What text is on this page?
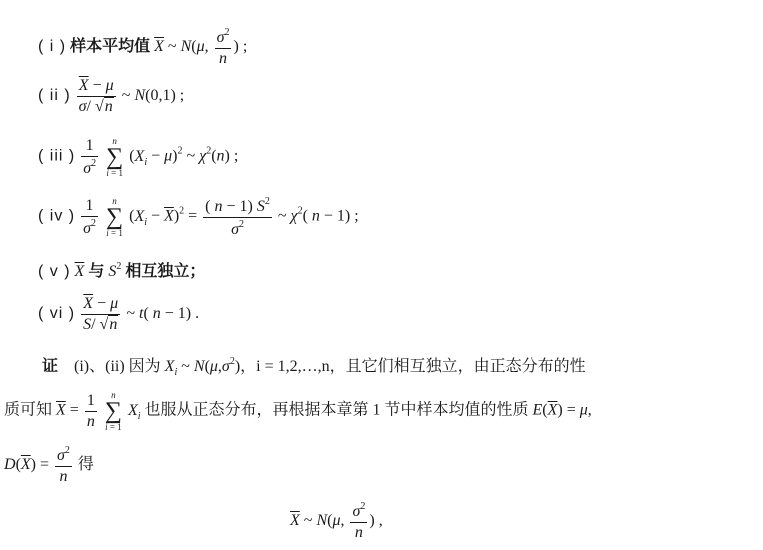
( i ) 样本平均值 $\overline{X}$ ~ N(μ, $\frac{\sigma^2}{n}$ ) ;
( ii ) $\frac{\overline{X} - \mu}{\sigma/ √n}$ ~ N(0,1) ;
( iii ) $\frac{1}{\sigma^2}$
	n
∑
i = 1
$(X_i - \mu)^2$ ~ $\chi^2(n)$ ;
( iv ) $\frac{1}{\sigma^2}$
	n
∑
i = 1
$(X_i - \overline{X})^2 = \frac{( n - 1) S^2}{\sigma^2}$ ~ $\chi^2$( n − 1) ;
( v ) $\overline{X}$ 与 $S^2$ 相互独立；
( vi ) $\frac{\overline{X} - \mu}{S/ √n}$ ~ t( n − 1) .
证 (i)、(ii) 因为 $X_i$ ~ $N(\mu,\sigma^2)$，i = 1,2,…,n，且它们相互独立，由正态分布的性
质可知 $\overline{X} = \frac{1}{n}$
	n
∑
i = 1
$X_i$ 也服从正态分布，再根据本章第 1 节中样本均值的性质 $E(\overline{X}) = \mu$,
$D(\overline{X}) = \frac{\sigma^2}{n}$ 得
$\overline{X}$ ~ N(μ, $\frac{\sigma^2}{n}$ ) ,
